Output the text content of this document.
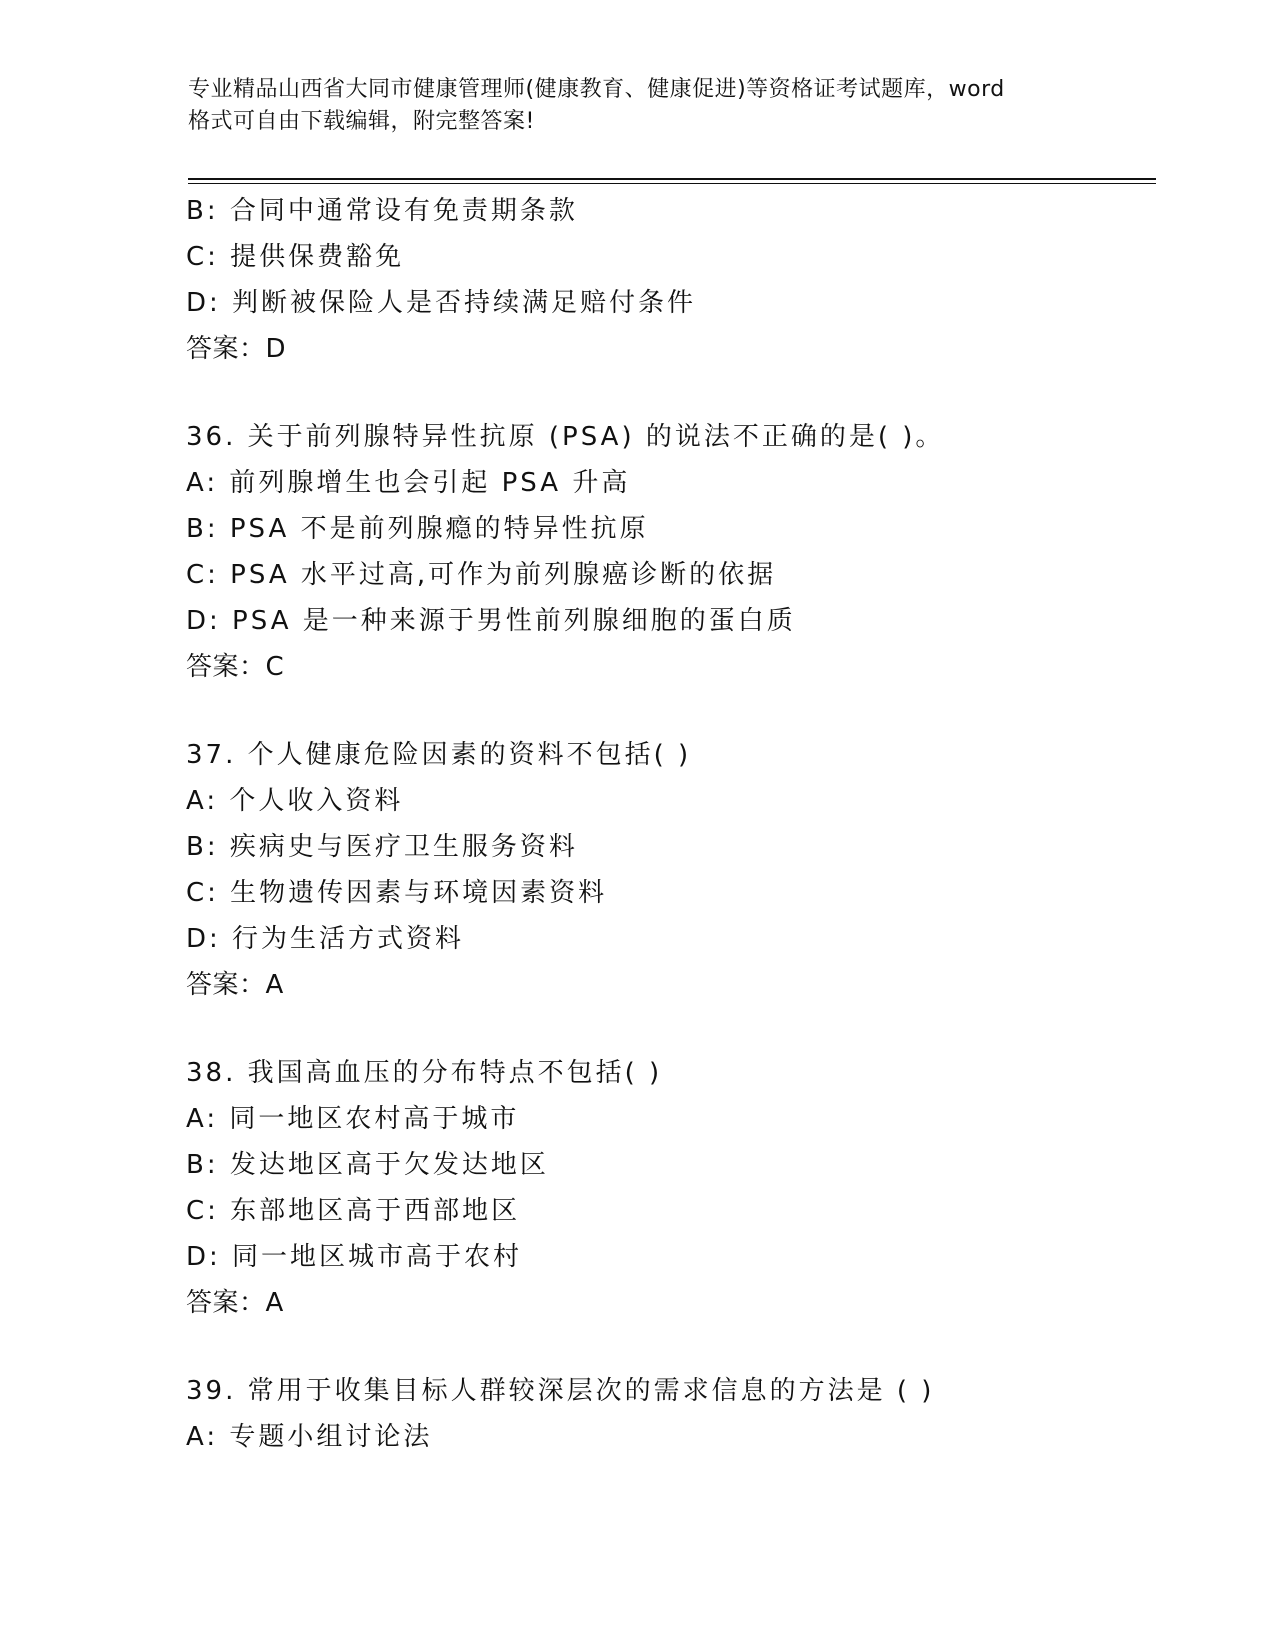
专业精品山西省大同市健康管理师(健康教育、健康促进)等资格证考试题库，word
格式可自由下载编辑，附完整答案!
B: 合同中通常设有免责期条款
C: 提供保费豁免
D: 判断被保险人是否持续满足赔付条件
答案：D
36. 关于前列腺特异性抗原 (PSA) 的说法不正确的是( )。
A: 前列腺增生也会引起 PSA 升高
B: PSA 不是前列腺瘾的特异性抗原
C: PSA 水平过高,可作为前列腺癌诊断的依据
D: PSA 是一种来源于男性前列腺细胞的蛋白质
答案：C
37. 个人健康危险因素的资料不包括( )
A: 个人收入资料
B: 疾病史与医疗卫生服务资料
C: 生物遗传因素与环境因素资料
D: 行为生活方式资料
答案：A
38. 我国高血压的分布特点不包括( )
A: 同一地区农村高于城市
B: 发达地区高于欠发达地区
C: 东部地区高于西部地区
D: 同一地区城市高于农村
答案：A
39. 常用于收集目标人群较深层次的需求信息的方法是 ( )
A: 专题小组讨论法
